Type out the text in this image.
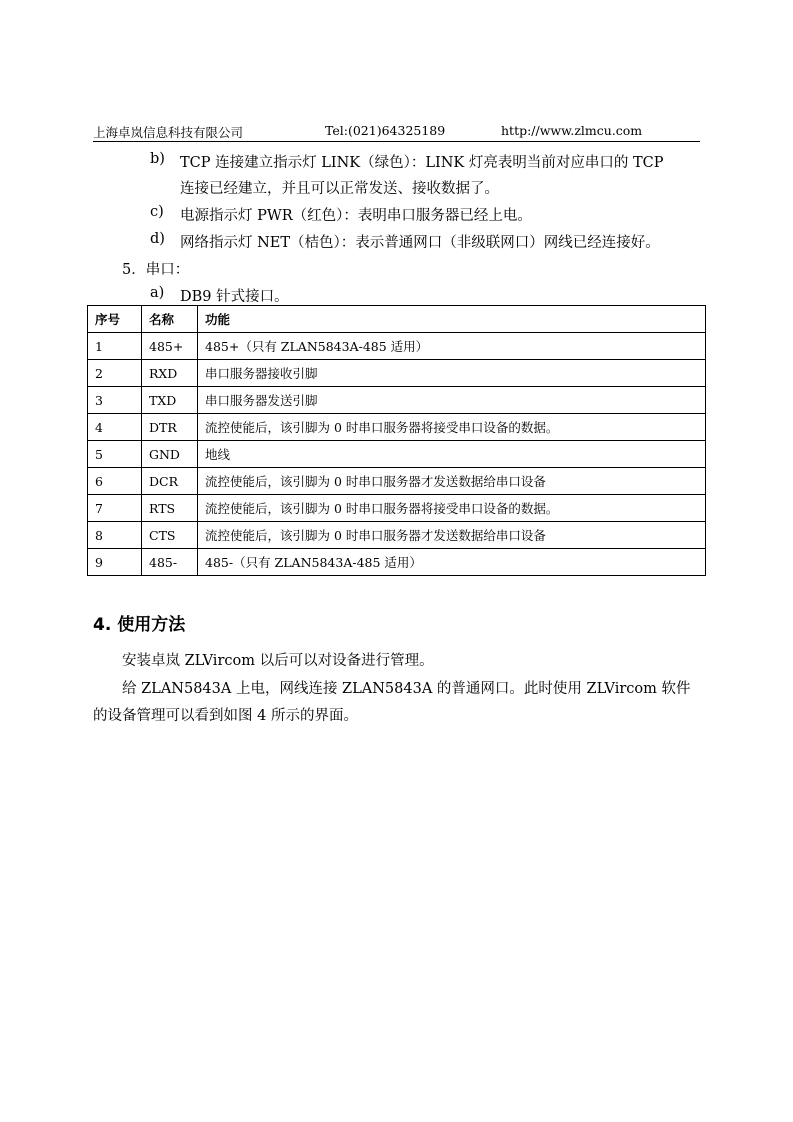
上海卓岚信息科技有限公司	Tel:(021)64325189	http://www.zlmcu.com
b) TCP 连接建立指示灯 LINK（绿色）：LINK 灯亮表明当前对应串口的 TCP
连接已经建立，并且可以正常发送、接收数据了。
c) 电源指示灯 PWR（红色）：表明串口服务器已经上电。
d) 网络指示灯 NET（桔色）：表示普通网口（非级联网口）网线已经连接好。
5．串口：
a) DB9 针式接口。
序号	名称	功能
1	485+	485+（只有 ZLAN5843A-485 适用）
2	RXD	串口服务器接收引脚
3	TXD	串口服务器发送引脚
4	DTR	流控使能后，该引脚为 0 时串口服务器将接受串口设备的数据。
5	GND	地线
6	DCR	流控使能后，该引脚为 0 时串口服务器才发送数据给串口设备
7	RTS	流控使能后，该引脚为 0 时串口服务器将接受串口设备的数据。
8	CTS	流控使能后，该引脚为 0 时串口服务器才发送数据给串口设备
9	485-	485-（只有 ZLAN5843A-485 适用）
4. 使用方法
安装卓岚 ZLVircom 以后可以对设备进行管理。
给 ZLAN5843A 上电，网线连接 ZLAN5843A 的普通网口。此时使用 ZLVircom 软件
的设备管理可以看到如图 4 所示的界面。
